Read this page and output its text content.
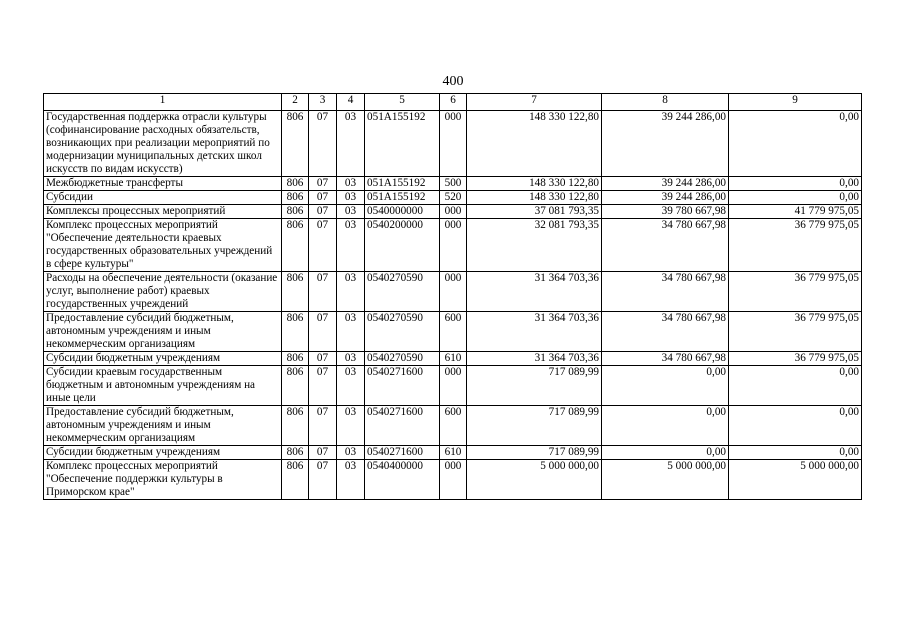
400
1	2	3	4	5	6	7	8	9
Государственная поддержка отрасли культуры (софинансирование расходных обязательств, возникающих при реализации мероприятий по модернизации муниципальных детских школ искусств по видам искусств)	806	07	03	051A155192	000	148 330 122,80	39 244 286,00	0,00
Межбюджетные трансферты	806	07	03	051A155192	500	148 330 122,80	39 244 286,00	0,00
Субсидии	806	07	03	051A155192	520	148 330 122,80	39 244 286,00	0,00
Комплексы процессных мероприятий	806	07	03	0540000000	000	37 081 793,35	39 780 667,98	41 779 975,05
Комплекс процессных мероприятий "Обеспечение деятельности краевых государственных образовательных учреждений в сфере культуры"	806	07	03	0540200000	000	32 081 793,35	34 780 667,98	36 779 975,05
Расходы на обеспечение деятельности (оказание услуг, выполнение работ) краевых государственных учреждений	806	07	03	0540270590	000	31 364 703,36	34 780 667,98	36 779 975,05
Предоставление субсидий бюджетным, автономным учреждениям и иным некоммерческим организациям	806	07	03	0540270590	600	31 364 703,36	34 780 667,98	36 779 975,05
Субсидии бюджетным учреждениям	806	07	03	0540270590	610	31 364 703,36	34 780 667,98	36 779 975,05
Субсидии краевым государственным бюджетным и автономным учреждениям на иные цели	806	07	03	0540271600	000	717 089,99	0,00	0,00
Предоставление субсидий бюджетным, автономным учреждениям и иным некоммерческим организациям	806	07	03	0540271600	600	717 089,99	0,00	0,00
Субсидии бюджетным учреждениям	806	07	03	0540271600	610	717 089,99	0,00	0,00
Комплекс процессных мероприятий "Обеспечение поддержки культуры в Приморском крае"	806	07	03	0540400000	000	5 000 000,00	5 000 000,00	5 000 000,00
